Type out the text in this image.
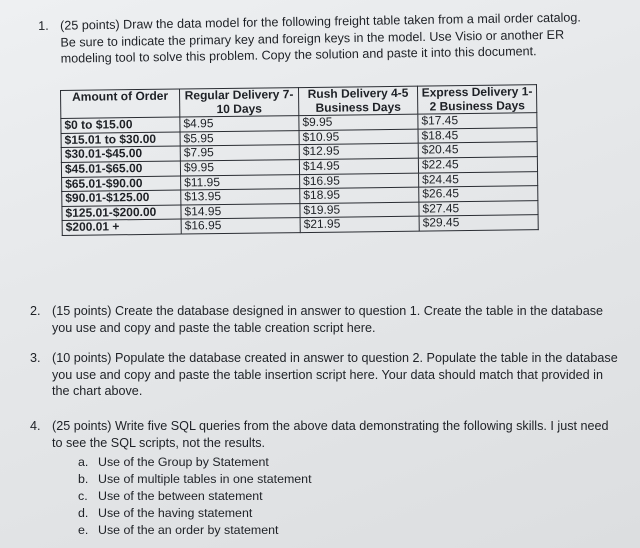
1. (25 points) Draw the data model for the following freight table taken from a mail order catalog. Be sure to indicate the primary key and foreign keys in the model. Use Visio or another ER modeling tool to solve this problem. Copy the solution and paste it into this document.
Amount of Order	Regular Delivery 7-10 Days	Rush Delivery 4-5 Business Days	Express Delivery 1-2 Business Days
$0 to $15.00	$4.95	$9.95	$17.45
$15.01 to $30.00	$5.95	$10.95	$18.45
$30.01-$45.00	$7.95	$12.95	$20.45
$45.01-$65.00	$9.95	$14.95	$22.45
$65.01-$90.00	$11.95	$16.95	$24.45
$90.01-$125.00	$13.95	$18.95	$26.45
$125.01-$200.00	$14.95	$19.95	$27.45
$200.01 +	$16.95	$21.95	$29.45
2. (15 points) Create the database designed in answer to question 1. Create the table in the database you use and copy and paste the table creation script here.
3. (10 points) Populate the database created in answer to question 2. Populate the table in the database you use and copy and paste the table insertion script here. Your data should match that provided in the chart above.
4. (25 points) Write five SQL queries from the above data demonstrating the following skills. I just need to see the SQL scripts, not the results.
a. Use of the Group by Statement
b. Use of multiple tables in one statement
c. Use of the between statement
d. Use of the having statement
e. Use of the an order by statement
